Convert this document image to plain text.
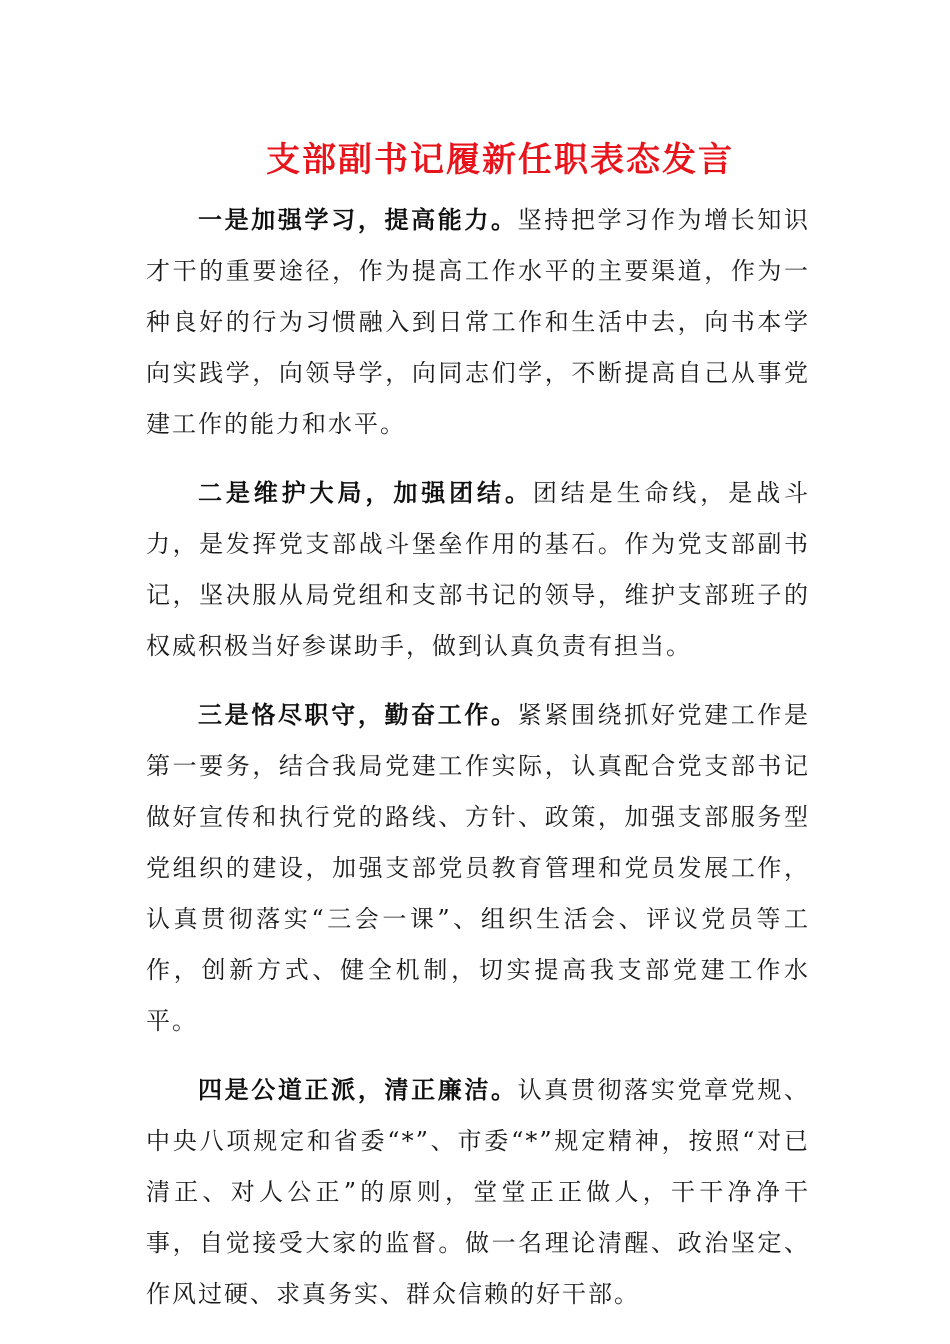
支部副书记履新任职表态发言

一是加强学习，提高能力。坚持把学习作为增长知识才干的重要途径，作为提高工作水平的主要渠道，作为一种良好的行为习惯融入到日常工作和生活中去，向书本学向实践学，向领导学，向同志们学，不断提高自己从事党建工作的能力和水平。

二是维护大局，加强团结。团结是生命线，是战斗力，是发挥党支部战斗堡垒作用的基石。作为党支部副书记，坚决服从局党组和支部书记的领导，维护支部班子的权威积极当好参谋助手，做到认真负责有担当。

三是恪尽职守，勤奋工作。紧紧围绕抓好党建工作是第一要务，结合我局党建工作实际，认真配合党支部书记做好宣传和执行党的路线、方针、政策，加强支部服务型党组织的建设，加强支部党员教育管理和党员发展工作，认真贯彻落实“三会一课”、组织生活会、评议党员等工作，创新方式、健全机制，切实提高我支部党建工作水平。

四是公道正派，清正廉洁。认真贯彻落实党章党规、中央八项规定和省委“*”、市委“*”规定精神，按照“对已清正、对人公正”的原则，堂堂正正做人，干干净净干事，自觉接受大家的监督。做一名理论清醒、政治坚定、作风过硬、求真务实、群众信赖的好干部。
